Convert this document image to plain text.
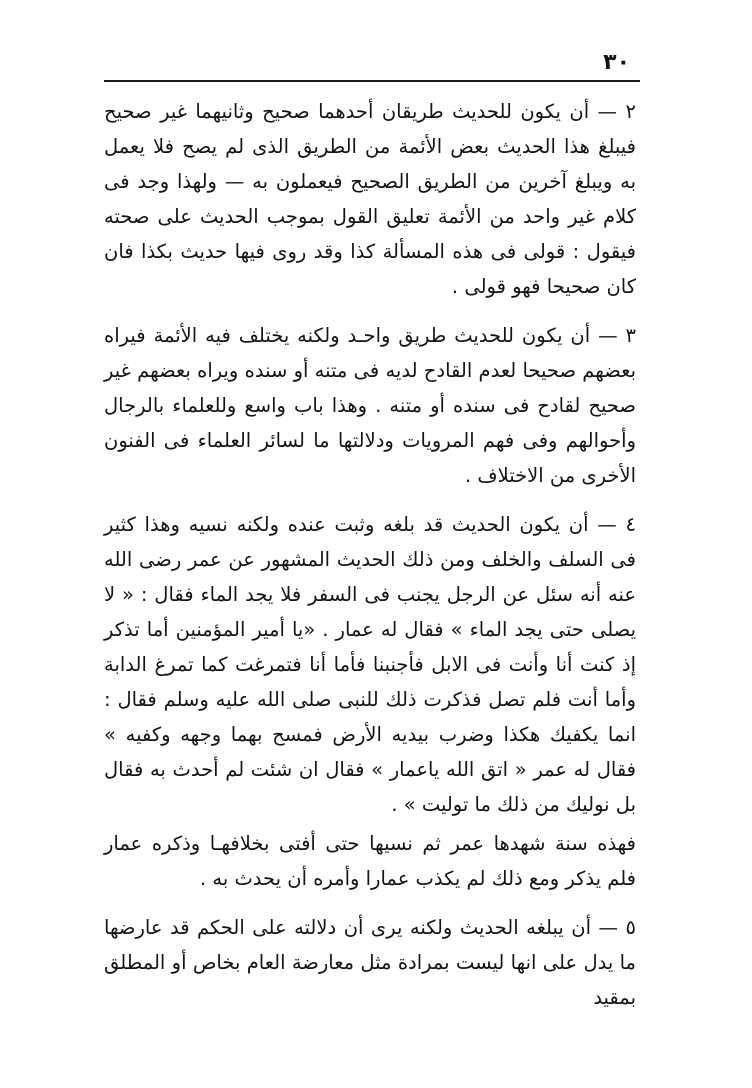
٣٠

٢ — أن يكون للحديث طريقان أحدهما صحيح وثانيهما غير صحيح فيبلغ هذا الحديث بعض الأئمة من الطريق الذى لم يصح فلا يعمل به ويبلغ آخرين من الطريق الصحيح فيعملون به — ولهذا وجد فى كلام غير واحد من الأئمة تعليق القول بموجب الحديث على صحته فيقول : قولى فى هذه المسألة كذا وقد روى فيها حديث بكذا فان كان صحيحا فهو قولى .

٣ — أن يكون للحديث طريق واحـد ولكنه يختلف فيه الأئمة فيراه بعضهم صحيحا لعدم القادح لديه فى متنه أو سنده ويراه بعضهم غير صحيح لقادح فى سنده أو متنه . وهذا باب واسع وللعلماء بالرجال وأحوالهم وفى فهم المرويات ودلالتها ما لسائر العلماء فى الفنون الأخرى من الاختلاف .

٤ — أن يكون الحديث قد بلغه وثبت عنده ولكنه نسيه وهذا كثير فى السلف والخلف ومن ذلك الحديث المشهور عن عمر رضى الله عنه أنه سئل عن الرجل يجنب فى السفر فلا يجد الماء فقال : « لا يصلى حتى يجد الماء » فقال له عمار . «يا أمير المؤمنين أما تذكر إذ كنت أنا وأنت فى الابل فأجنبنا فأما أنا فتمرغت كما تمرغ الدابة وأما أنت فلم تصل فذكرت ذلك للنبى صلى الله عليه وسلم فقال : انما يكفيك هكذا وضرب بيديه الأرض فمسح بهما وجهه وكفيه » فقال له عمر « اتق الله ياعمار » فقال ان شئت لم أحدث به فقال بل نوليك من ذلك ما توليت » .

فهذه سنة شهدها عمر ثم نسيها حتى أفتى بخلافهـا وذكره عمار فلم يذكر ومع ذلك لم يكذب عمارا وأمره أن يحدث به .

٥ — أن يبلغه الحديث ولكنه يرى أن دلالته على الحكم قد عارضها ما يدل على انها ليست بمرادة مثل معارضة العام بخاص أو المطلق بمقيد
